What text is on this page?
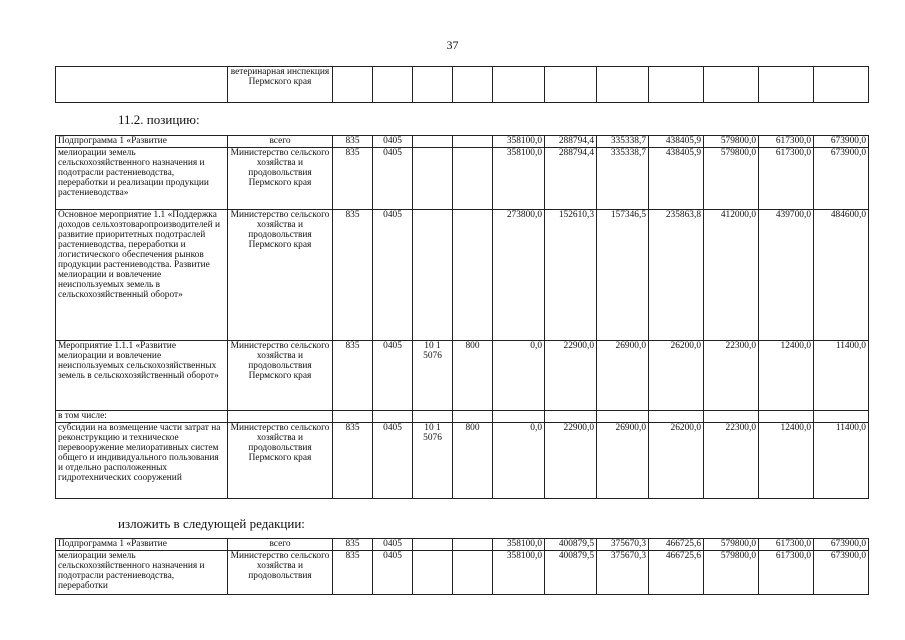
37
	ветеринарная инспекция Пермского края											
11.2. позицию:
Подпрограмма 1 «Развитие	всего	835	0405			358100,0	288794,4	335338,7	438405,9	579800,0	617300,0	673900,0
мелиорации земель сельскохозяйственного назначения и подотрасли растениеводства, переработки и реализации продукции растениеводства»	Министерство сельского хозяйства и продовольствия Пермского края	835	0405			358100,0	288794,4	335338,7	438405,9	579800,0	617300,0	673900,0
Основное мероприятие 1.1 «Поддержка доходов сельхозтоваропроизводителей и развитие приоритетных подотраслей растениеводства, переработки и логистического обеспечения рынков продукции растениеводства. Развитие мелиорации и вовлечение неиспользуемых земель в сельскохозяйственный оборот»	Министерство сельского хозяйства и продовольствия Пермского края	835	0405			273800,0	152610,3	157346,5	235863,8	412000,0	439700,0	484600,0
Мероприятие 1.1.1 «Развитие мелиорации и вовлечение неиспользуемых сельскохозяйственных земель в сельскохозяйственный оборот»	Министерство сельского хозяйства и продовольствия Пермского края	835	0405	10 1 5076	800	0,0	22900,0	26900,0	26200,0	22300,0	12400,0	11400,0
в том числе:												
субсидии на возмещение части затрат на реконструкцию и техническое перевооружение мелиоративных систем общего и индивидуального пользования и отдельно расположенных гидротехнических сооружений	Министерство сельского хозяйства и продовольствия Пермского края	835	0405	10 1 5076	800	0,0	22900,0	26900,0	26200,0	22300,0	12400,0	11400,0
изложить в следующей редакции:
Подпрограмма 1 «Развитие	всего	835	0405			358100,0	400879,5	375670,3	466725,6	579800,0	617300,0	673900,0
мелиорации земель сельскохозяйственного назначения и подотрасли растениеводства, переработки	Министерство сельского хозяйства и продовольствия	835	0405			358100,0	400879,5	375670,3	466725,6	579800,0	617300,0	673900,0
